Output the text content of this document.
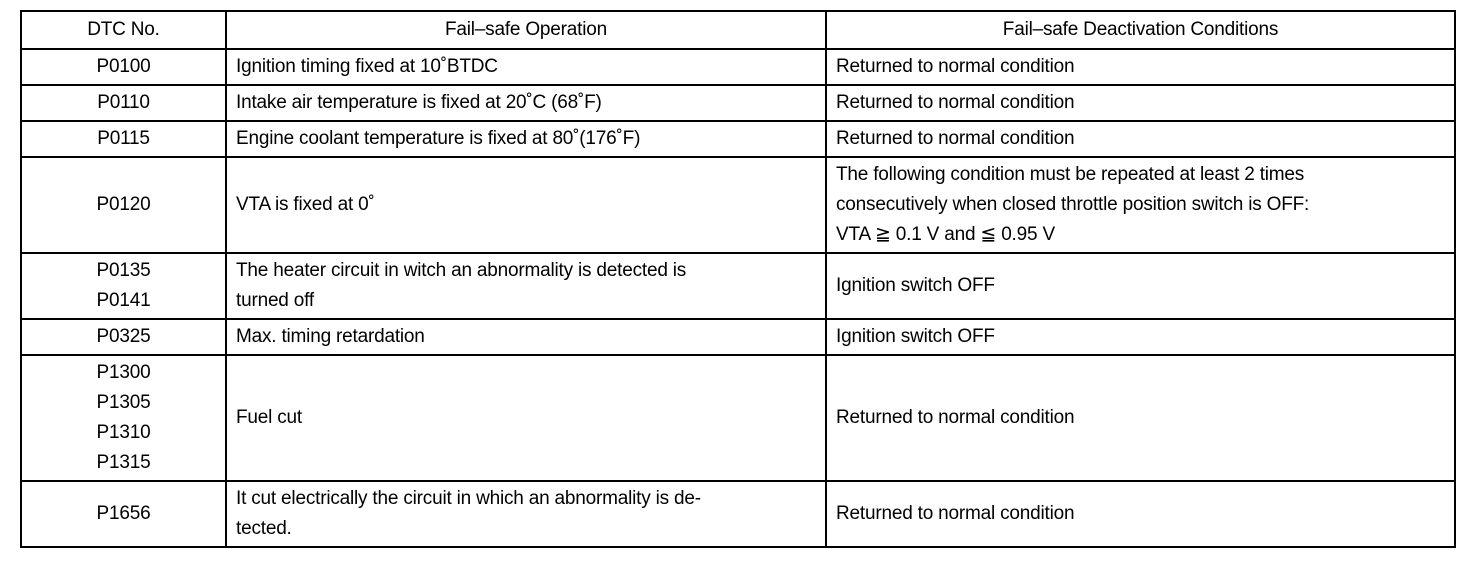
DTC No.	Fail–safe Operation	Fail–safe Deactivation Conditions

P0100	Ignition timing fixed at 10˚BTDC	Returned to normal condition

P0110	Intake air temperature is fixed at 20˚C (68˚F)	Returned to normal condition

P0115	Engine coolant temperature is fixed at 80˚(176˚F)	Returned to normal condition

P0120	VTA is fixed at 0˚	The following condition must be repeated at least 2 times
consecutively when closed throttle position switch is OFF:
VTA ≧ 0.1 V and ≦ 0.95 V

P0135
P0141	The heater circuit in witch an abnormality is detected is
turned off	Ignition switch OFF

P0325	Max. timing retardation	Ignition switch OFF

P1300
P1305
P1310
P1315	Fuel cut	Returned to normal condition

P1656	It cut electrically the circuit in which an abnormality is de-
tected.	Returned to normal condition
